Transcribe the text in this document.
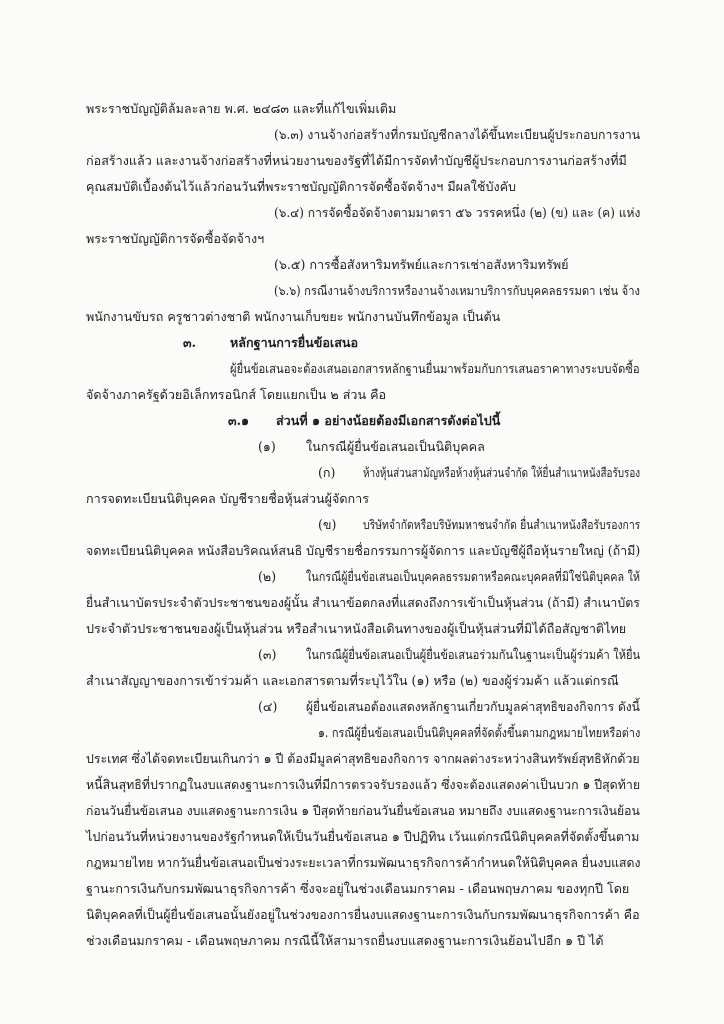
พระราชบัญญัติล้มละลาย พ.ศ. ๒๔๘๓ และที่แก้ไขเพิ่มเติม
(๖.๓) งานจ้างก่อสร้างที่กรมบัญชีกลางได้ขึ้นทะเบียนผู้ประกอบการงาน
ก่อสร้างแล้ว และงานจ้างก่อสร้างที่หน่วยงานของรัฐที่ได้มีการจัดทำบัญชีผู้ประกอบการงานก่อสร้างที่มี
คุณสมบัติเบื้องต้นไว้แล้วก่อนวันที่พระราชบัญญัติการจัดซื้อจัดจ้างฯ มีผลใช้บังคับ
(๖.๔) การจัดซื้อจัดจ้างตามมาตรา ๕๖ วรรคหนึ่ง (๒) (ข) และ (ค) แห่ง
พระราชบัญญัติการจัดซื้อจัดจ้างฯ
(๖.๕) การซื้อสังหาริมทรัพย์และการเช่าอสังหาริมทรัพย์
(๖.๖) กรณีงานจ้างบริการหรืองานจ้างเหมาบริการกับบุคคลธรรมดา เช่น จ้าง
พนักงานขับรถ ครูชาวต่างชาติ พนักงานเก็บขยะ พนักงานบันทึกข้อมูล เป็นต้น
๓.	หลักฐานการยื่นข้อเสนอ
ผู้ยื่นข้อเสนอจะต้องเสนอเอกสารหลักฐานยื่นมาพร้อมกับการเสนอราคาทางระบบจัดซื้อ
จัดจ้างภาครัฐด้วยอิเล็กทรอนิกส์ โดยแยกเป็น ๒ ส่วน คือ
๓.๑ ส่วนที่ ๑ อย่างน้อยต้องมีเอกสารดังต่อไปนี้
(๑) ในกรณีผู้ยื่นข้อเสนอเป็นนิติบุคคล
(ก) ห้างหุ้นส่วนสามัญหรือห้างหุ้นส่วนจำกัด ให้ยื่นสำเนาหนังสือรับรอง
การจดทะเบียนนิติบุคคล บัญชีรายชื่อหุ้นส่วนผู้จัดการ
(ข) บริษัทจำกัดหรือบริษัทมหาชนจำกัด ยื่นสำเนาหนังสือรับรองการ
จดทะเบียนนิติบุคคล หนังสือบริคณห์สนธิ บัญชีรายชื่อกรรมการผู้จัดการ และบัญชีผู้ถือหุ้นรายใหญ่ (ถ้ามี)
(๒) ในกรณีผู้ยื่นข้อเสนอเป็นบุคคลธรรมดาหรือคณะบุคคลที่มิใช่นิติบุคคล ให้
ยื่นสำเนาบัตรประจำตัวประชาชนของผู้นั้น สำเนาข้อตกลงที่แสดงถึงการเข้าเป็นหุ้นส่วน (ถ้ามี) สำเนาบัตร
ประจำตัวประชาชนของผู้เป็นหุ้นส่วน หรือสำเนาหนังสือเดินทางของผู้เป็นหุ้นส่วนที่มิได้ถือสัญชาติไทย
(๓) ในกรณีผู้ยื่นข้อเสนอเป็นผู้ยื่นข้อเสนอร่วมกันในฐานะเป็นผู้ร่วมค้า ให้ยื่น
สำเนาสัญญาของการเข้าร่วมค้า และเอกสารตามที่ระบุไว้ใน (๑) หรือ (๒) ของผู้ร่วมค้า แล้วแต่กรณี
(๔) ผู้ยื่นข้อเสนอต้องแสดงหลักฐานเกี่ยวกับมูลค่าสุทธิของกิจการ ดังนี้
๑. กรณีผู้ยื่นข้อเสนอเป็นนิติบุคคลที่จัดตั้งขึ้นตามกฎหมายไทยหรือต่าง
ประเทศ ซึ่งได้จดทะเบียนเกินกว่า ๑ ปี ต้องมีมูลค่าสุทธิของกิจการ จากผลต่างระหว่างสินทรัพย์สุทธิหักด้วย
หนี้สินสุทธิที่ปรากฏในงบแสดงฐานะการเงินที่มีการตรวจรับรองแล้ว ซึ่งจะต้องแสดงค่าเป็นบวก ๑ ปีสุดท้าย
ก่อนวันยื่นข้อเสนอ งบแสดงฐานะการเงิน ๑ ปีสุดท้ายก่อนวันยื่นข้อเสนอ หมายถึง งบแสดงฐานะการเงินย้อน
ไปก่อนวันที่หน่วยงานของรัฐกำหนดให้เป็นวันยื่นข้อเสนอ ๑ ปีปฏิทิน เว้นแต่กรณีนิติบุคคลที่จัดตั้งขึ้นตาม
กฎหมายไทย หากวันยื่นข้อเสนอเป็นช่วงระยะเวลาที่กรมพัฒนาธุรกิจการค้ากำหนดให้นิติบุคคล ยื่นงบแสดง
ฐานะการเงินกับกรมพัฒนาธุรกิจการค้า ซึ่งจะอยู่ในช่วงเดือนมกราคม - เดือนพฤษภาคม ของทุกปี โดย
นิติบุคคลที่เป็นผู้ยื่นข้อเสนอนั้นยังอยู่ในช่วงของการยื่นงบแสดงฐานะการเงินกับกรมพัฒนาธุรกิจการค้า คือ
ช่วงเดือนมกราคม - เดือนพฤษภาคม กรณีนี้ให้สามารถยื่นงบแสดงฐานะการเงินย้อนไปอีก ๑ ปี ได้
